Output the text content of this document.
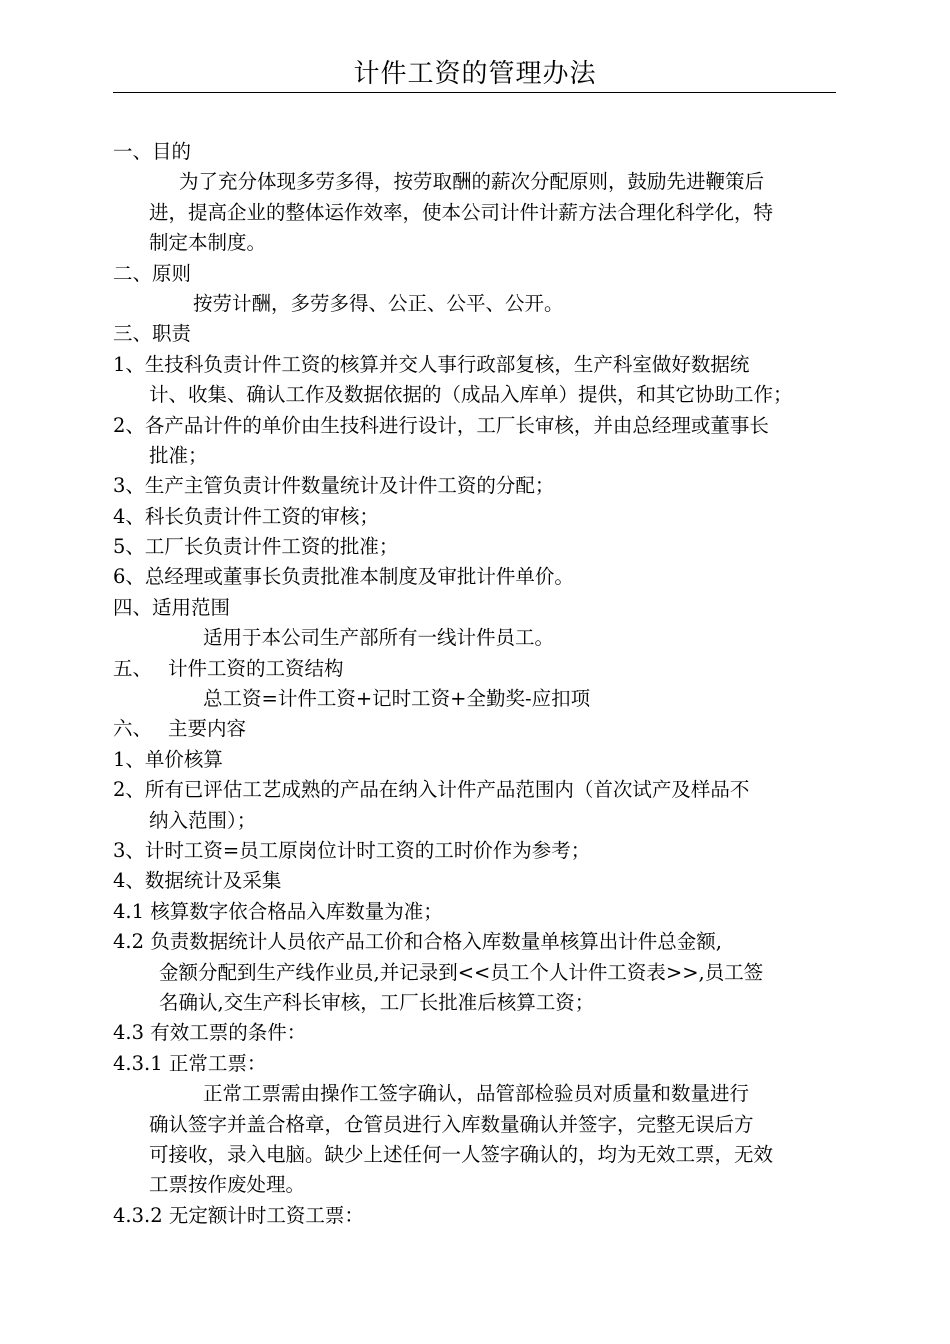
计件工资的管理办法
一、目的
为了充分体现多劳多得，按劳取酬的薪次分配原则，鼓励先进鞭策后
进，提高企业的整体运作效率，使本公司计件计薪方法合理化科学化，特
制定本制度。
二、原则
按劳计酬，多劳多得、公正、公平、公开。
三、职责
1、生技科负责计件工资的核算并交人事行政部复核，生产科室做好数据统
计、收集、确认工作及数据依据的（成品入库单）提供，和其它协助工作；
2、各产品计件的单价由生技科进行设计，工厂长审核，并由总经理或董事长
批准；
3、生产主管负责计件数量统计及计件工资的分配；
4、科长负责计件工资的审核；
5、工厂长负责计件工资的批准；
6、总经理或董事长负责批准本制度及审批计件单价。
四、适用范围
适用于本公司生产部所有一线计件员工。
五、　 计件工资的工资结构
总工资=计件工资+记时工资+全勤奖-应扣项
六、　 主要内容
1、单价核算
2、所有已评估工艺成熟的产品在纳入计件产品范围内（首次试产及样品不
纳入范围）；
3、计时工资=员工原岗位计时工资的工时价作为参考；
4、数据统计及采集
4.1 核算数字依合格品入库数量为准；
4.2 负责数据统计人员依产品工价和合格入库数量单核算出计件总金额,
金额分配到生产线作业员,并记录到<<员工个人计件工资表>>,员工签
名确认,交生产科长审核，工厂长批准后核算工资；
4.3 有效工票的条件：
4.3.1 正常工票：
正常工票需由操作工签字确认，品管部检验员对质量和数量进行
确认签字并盖合格章，仓管员进行入库数量确认并签字，完整无误后方
可接收，录入电脑。缺少上述任何一人签字确认的，均为无效工票，无效
工票按作废处理。
4.3.2 无定额计时工资工票：
